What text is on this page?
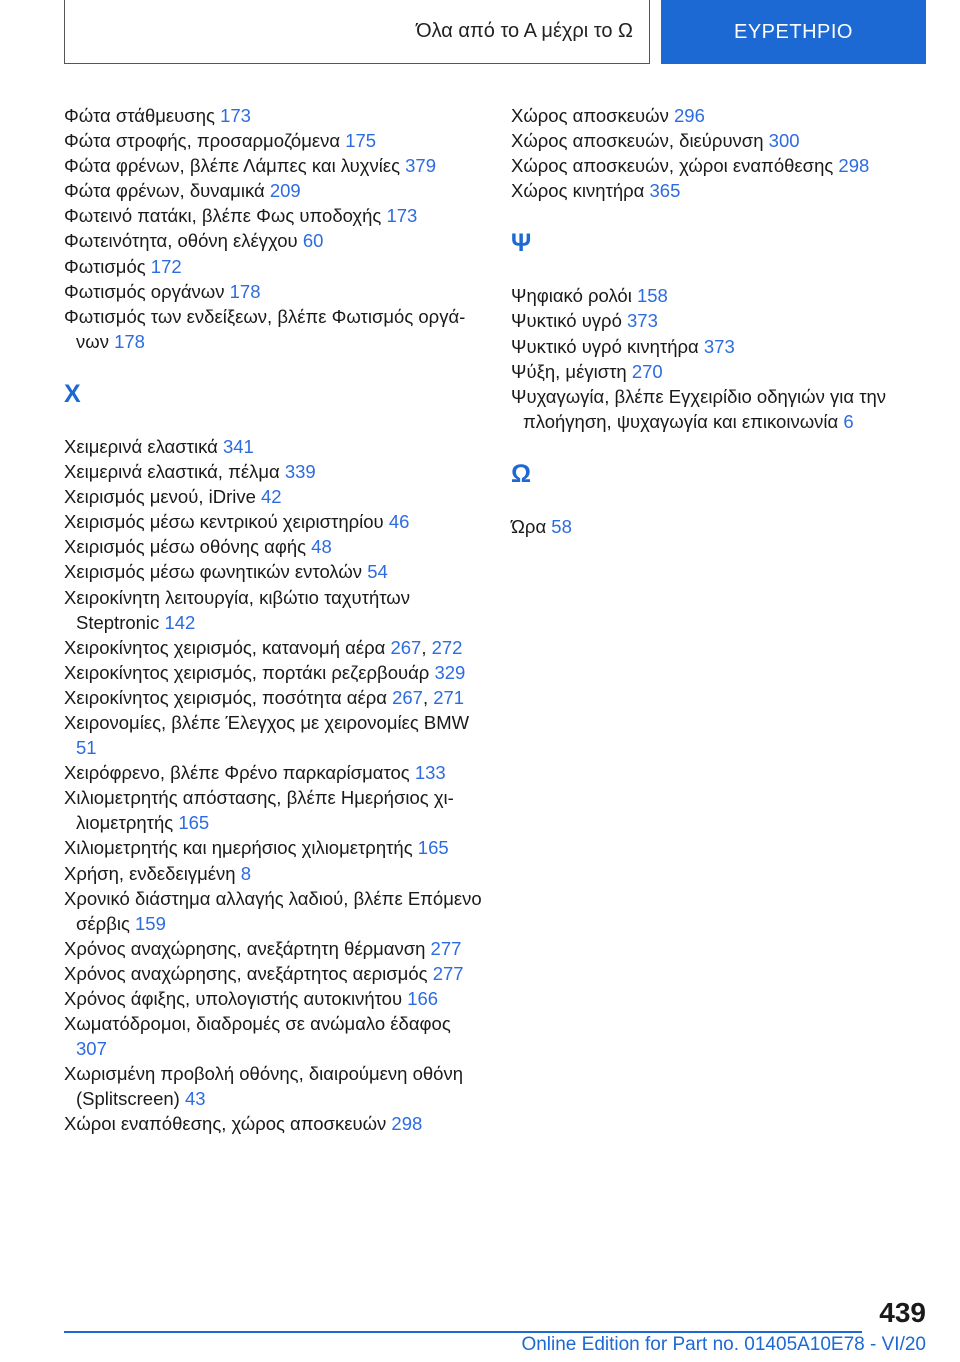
Όλα από το Α μέχρι το Ω	ΕΥΡΕΤΗΡΙΟ
Φώτα στάθμευσης 173
Φώτα στροφής, προσαρμοζόμενα 175
Φώτα φρένων, βλέπε Λάμπες και λυχνίες 379
Φώτα φρένων, δυναμικά 209
Φωτεινό πατάκι, βλέπε Φως υποδοχής 173
Φωτεινότητα, οθόνη ελέγχου 60
Φωτισμός 172
Φωτισμός οργάνων 178
Φωτισμός των ενδείξεων, βλέπε Φωτισμός οργάνων 178
Χ
Χειμερινά ελαστικά 341
Χειμερινά ελαστικά, πέλμα 339
Χειρισμός μενού, iDrive 42
Χειρισμός μέσω κεντρικού χειριστηρίου 46
Χειρισμός μέσω οθόνης αφής 48
Χειρισμός μέσω φωνητικών εντολών 54
Χειροκίνητη λειτουργία, κιβώτιο ταχυτήτων Steptronic 142
Χειροκίνητος χειρισμός, κατανομή αέρα 267, 272
Χειροκίνητος χειρισμός, πορτάκι ρεζερβουάρ 329
Χειροκίνητος χειρισμός, ποσότητα αέρα 267, 271
Χειρονομίες, βλέπε Έλεγχος με χειρονομίες BMW 51
Χειρόφρενο, βλέπε Φρένο παρκαρίσματος 133
Χιλιομετρητής απόστασης, βλέπε Ημερήσιος χιλιομετρητής 165
Χιλιομετρητής και ημερήσιος χιλιομετρητής 165
Χρήση, ενδεδειγμένη 8
Χρονικό διάστημα αλλαγής λαδιού, βλέπε Επόμενο σέρβις 159
Χρόνος αναχώρησης, ανεξάρτητη θέρμανση 277
Χρόνος αναχώρησης, ανεξάρτητος αερισμός 277
Χρόνος άφιξης, υπολογιστής αυτοκινήτου 166
Χωματόδρομοι, διαδρομές σε ανώμαλο έδαφος 307
Χωρισμένη προβολή οθόνης, διαιρούμενη οθόνη (Splitscreen) 43
Χώροι εναπόθεσης, χώρος αποσκευών 298
Χώρος αποσκευών 296
Χώρος αποσκευών, διεύρυνση 300
Χώρος αποσκευών, χώροι εναπόθεσης 298
Χώρος κινητήρα 365
Ψ
Ψηφιακό ρολόι 158
Ψυκτικό υγρό 373
Ψυκτικό υγρό κινητήρα 373
Ψύξη, μέγιστη 270
Ψυχαγωγία, βλέπε Εγχειρίδιο οδηγιών για την πλοήγηση, ψυχαγωγία και επικοινωνία 6
Ω
Ώρα 58
439
Online Edition for Part no. 01405A10E78 - VI/20
